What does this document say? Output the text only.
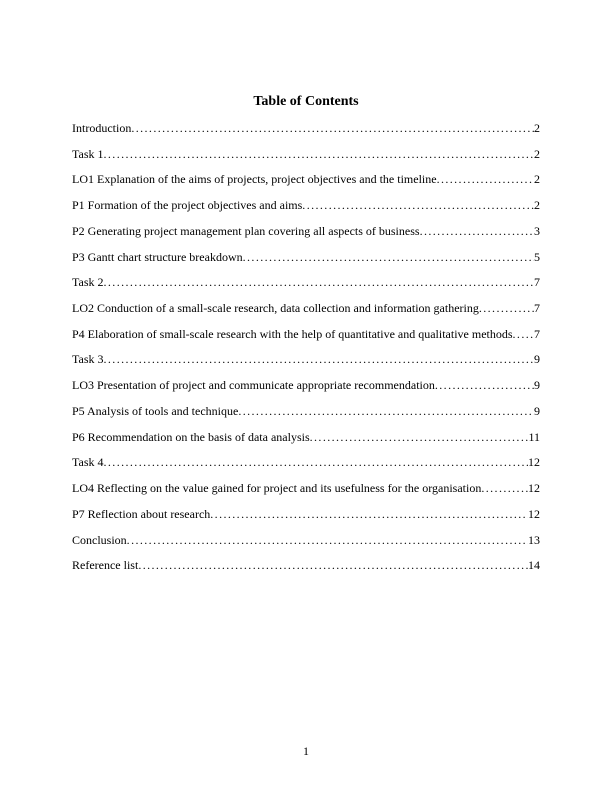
Table of Contents
Introduction .....	2
Task 1 .....	2
LO1 Explanation of the aims of projects, project objectives and the timeline .....	2
P1 Formation of the project objectives and aims .....	2
P2 Generating project management plan covering all aspects of business .....	3
P3 Gantt chart structure breakdown .....	5
Task 2 .....	7
LO2 Conduction of a small-scale research, data collection and information gathering .....	7
P4 Elaboration of small-scale research with the help of quantitative and qualitative methods ..... 7
Task 3 .....	9
LO3 Presentation of project and communicate appropriate recommendation .....	9
P5 Analysis of tools and technique .....	9
P6 Recommendation on the basis of data analysis .....	11
Task 4 .....	12
LO4 Reflecting on the value gained for project and its usefulness for the organisation .....	12
P7 Reflection about research .....	12
Conclusion .....	13
Reference list .....	14
1
